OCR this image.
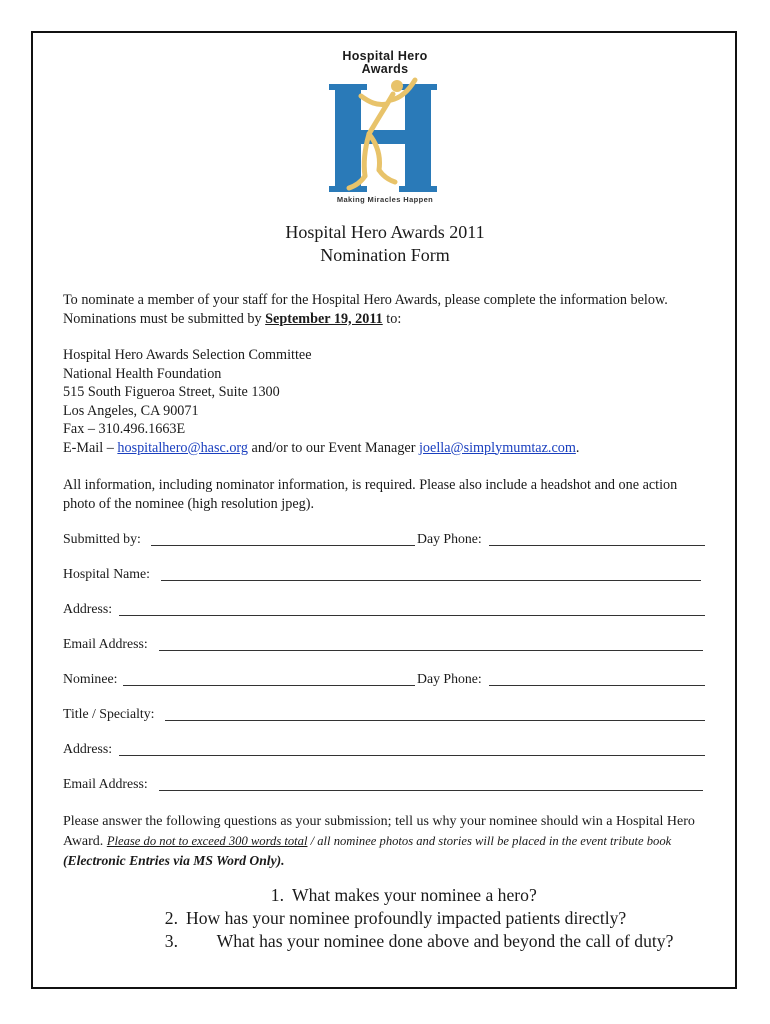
Hospital Hero
Awards
Making Miracles Happen
Hospital Hero Awards 2011
Nomination Form
To nominate a member of your staff for the Hospital Hero Awards, please complete the information below. Nominations must be submitted by September 19, 2011 to:
Hospital Hero Awards Selection Committee
National Health Foundation
515 South Figueroa Street, Suite 1300
Los Angeles, CA 90071
Fax – 310.496.1663E
E-Mail – hospitalhero@hasc.org and/or to our Event Manager joella@simplymumtaz.com.
All information, including nominator information, is required. Please also include a headshot and one action photo of the nominee (high resolution jpeg).
Submitted by:	Day Phone:
Hospital Name:
Address:
Email Address:
Nominee:	Day Phone:
Title / Specialty:
Address:
Email Address:
Please answer the following questions as your submission; tell us why your nominee should win a Hospital Hero Award. Please do not to exceed 300 words total / all nominee photos and stories will be placed in the event tribute book (Electronic Entries via MS Word Only).
1. What makes your nominee a hero?
2. How has your nominee profoundly impacted patients directly?
3.	What has your nominee done above and beyond the call of duty?
